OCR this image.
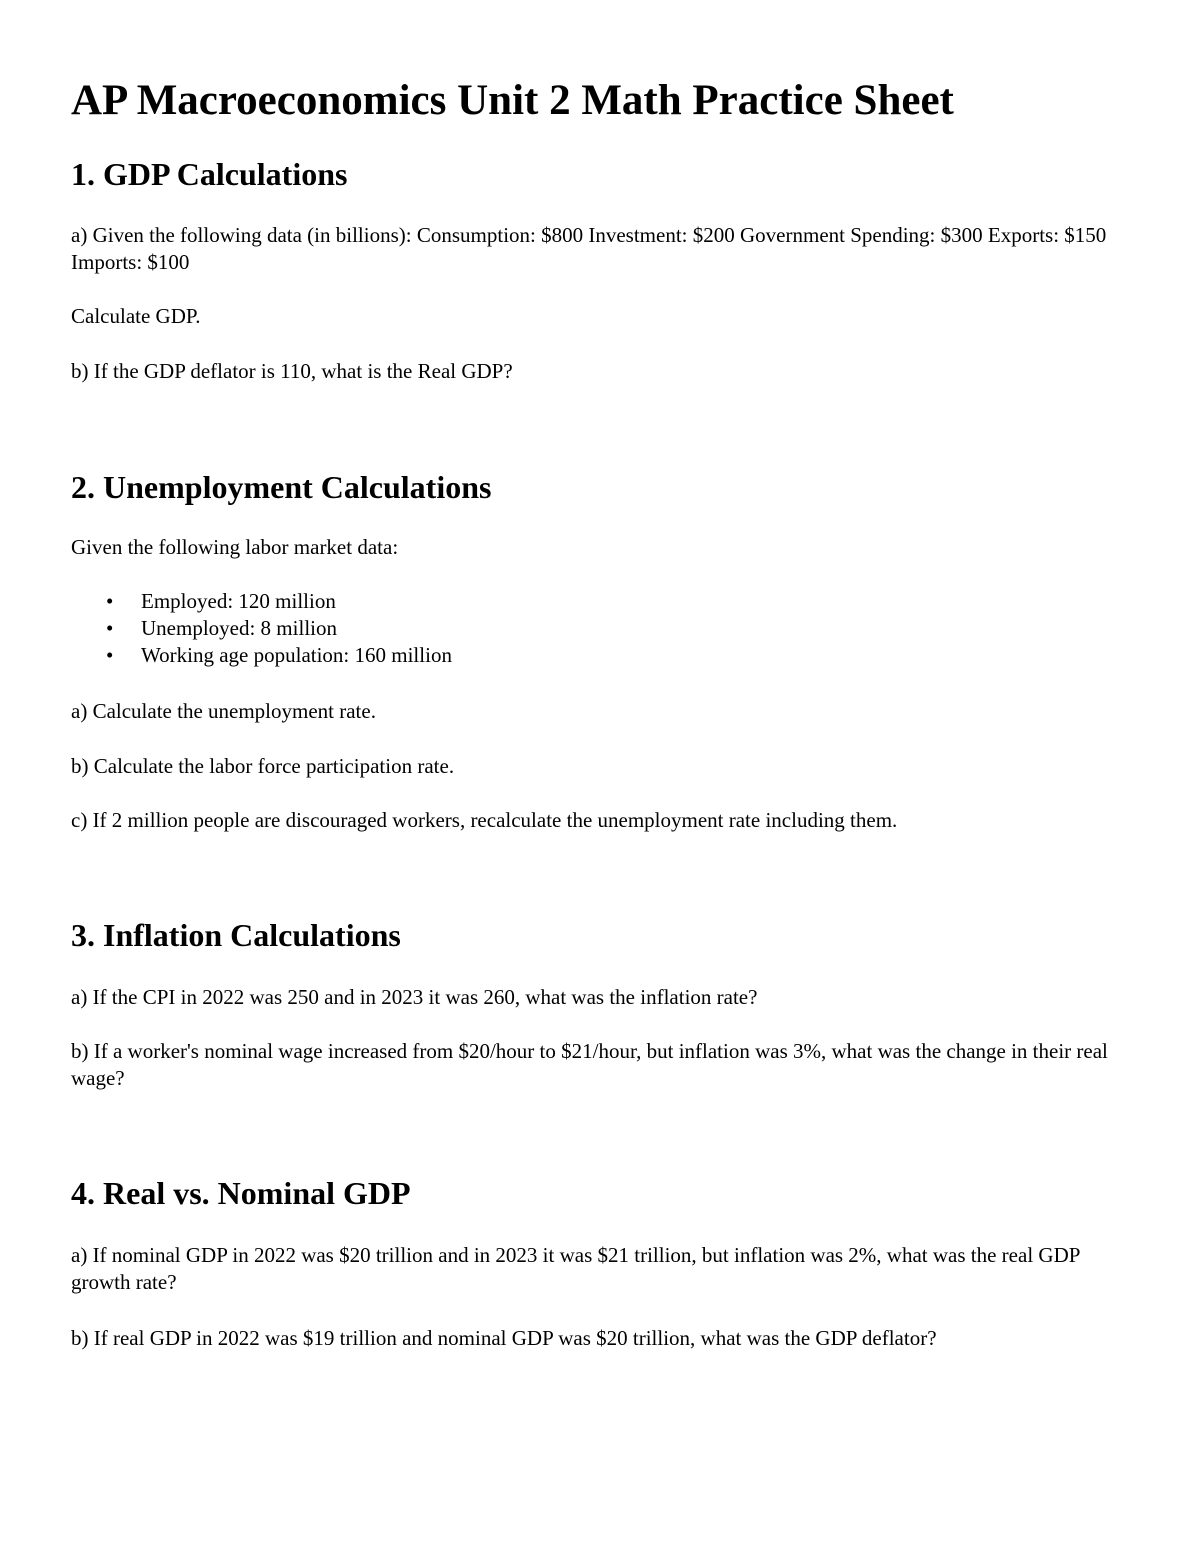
AP Macroeconomics Unit 2 Math Practice Sheet
1. GDP Calculations

a) Given the following data (in billions): Consumption: $800 Investment: $200 Government Spending: $300 Exports: $150 Imports: $100

Calculate GDP.

b) If the GDP deflator is 110, what is the Real GDP?

2. Unemployment Calculations

Given the following labor market data:

• Employed: 120 million
• Unemployed: 8 million
• Working age population: 160 million

a) Calculate the unemployment rate.

b) Calculate the labor force participation rate.

c) If 2 million people are discouraged workers, recalculate the unemployment rate including them.

3. Inflation Calculations

a) If the CPI in 2022 was 250 and in 2023 it was 260, what was the inflation rate?

b) If a worker's nominal wage increased from $20/hour to $21/hour, but inflation was 3%, what was the change in their real wage?

4. Real vs. Nominal GDP

a) If nominal GDP in 2022 was $20 trillion and in 2023 it was $21 trillion, but inflation was 2%, what was the real GDP growth rate?

b) If real GDP in 2022 was $19 trillion and nominal GDP was $20 trillion, what was the GDP deflator?
